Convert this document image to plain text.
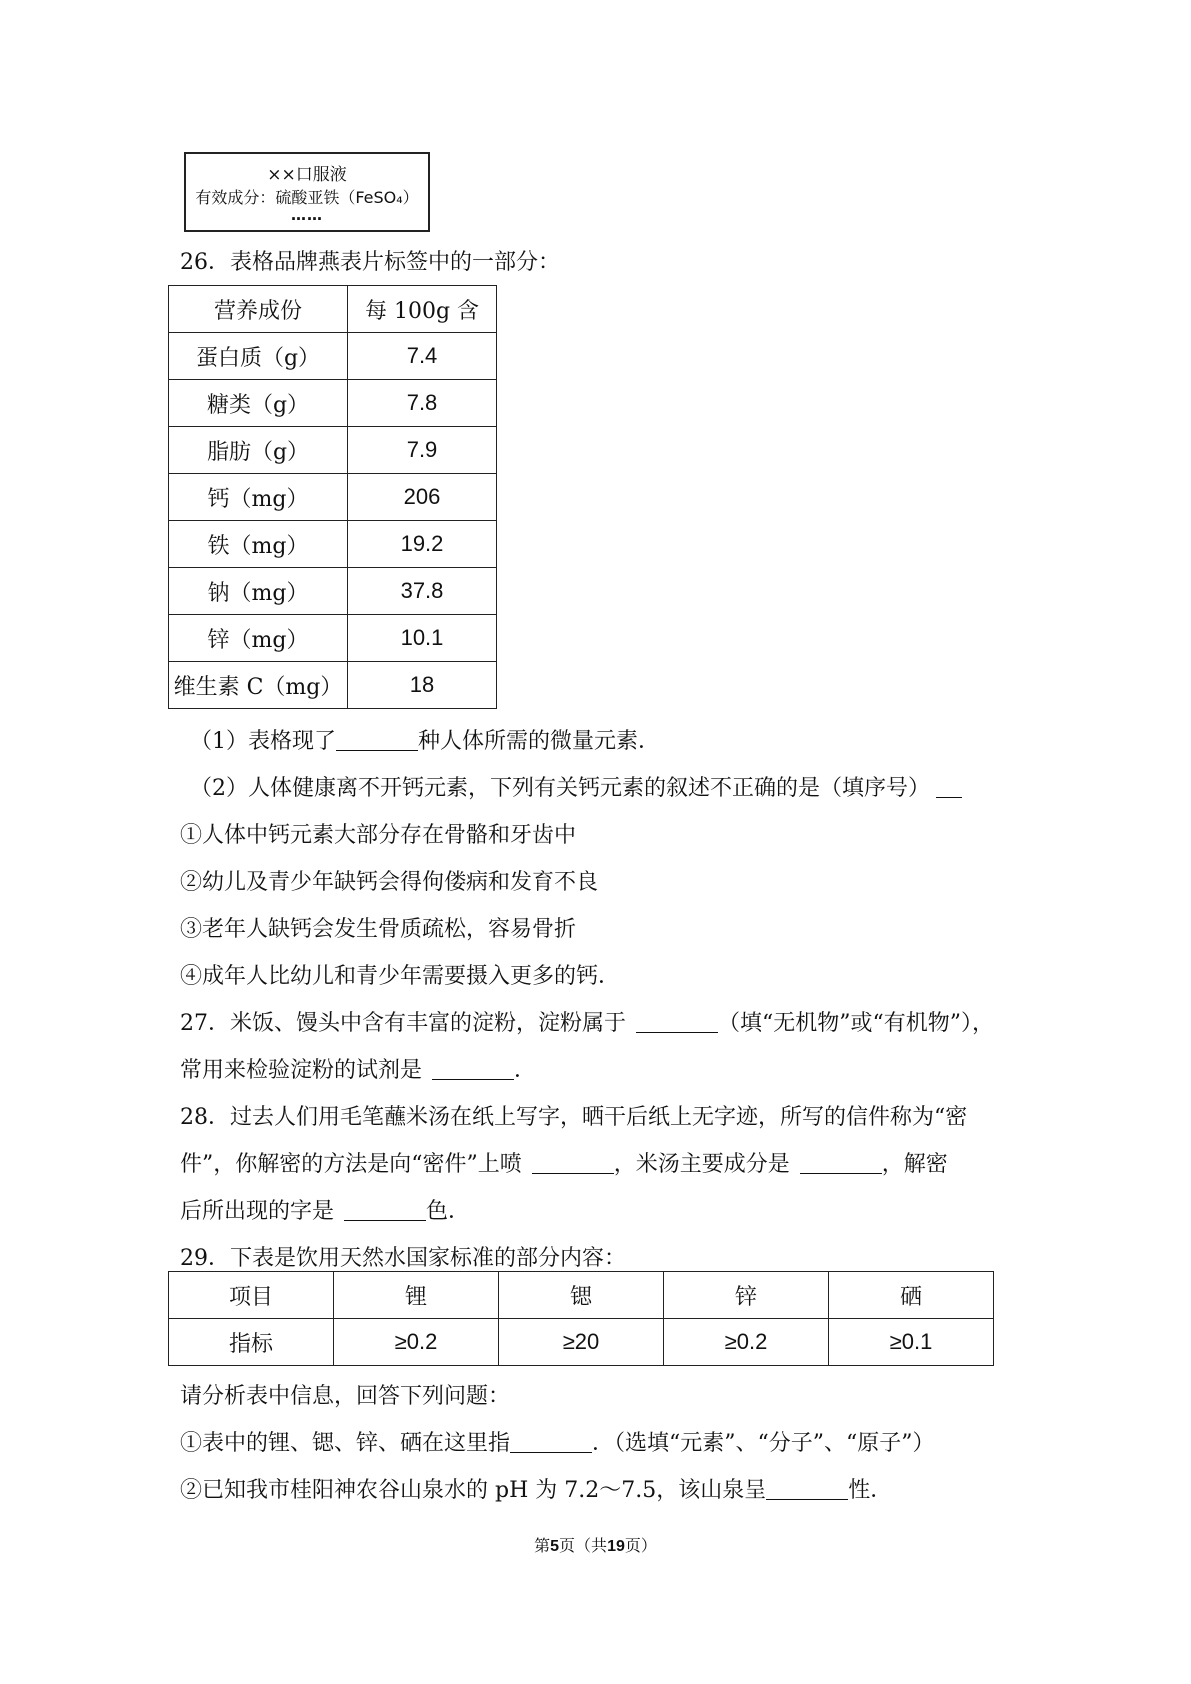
××口服液
有效成分：硫酸亚铁（FeSO₄）
……
26．表格品牌燕表片标签中的一部分：
营养成份	每 100g 含
蛋白质（g）	7.4
糖类（g）	7.8
脂肪（g）	7.9
钙（mg）	206
铁（mg）	19.2
钠（mg）	37.8
锌（mg）	10.1
维生素 C（mg）	18
（1）表格现了	种人体所需的微量元素．
（2）人体健康离不开钙元素，下列有关钙元素的叙述不正确的是（填序号）
①人体中钙元素大部分存在骨骼和牙齿中
②幼儿及青少年缺钙会得佝偻病和发育不良
③老年人缺钙会发生骨质疏松，容易骨折
④成年人比幼儿和青少年需要摄入更多的钙．
27．米饭、馒头中含有丰富的淀粉，淀粉属于	（填“无机物”或“有机物”），
常用来检验淀粉的试剂是	．
28．过去人们用毛笔蘸米汤在纸上写字，晒干后纸上无字迹，所写的信件称为“密
件”，你解密的方法是向“密件”上喷	，米汤主要成分是	，解密
后所出现的字是	色．
29．下表是饮用天然水国家标准的部分内容：
项目	锂	锶	锌	硒
指标	≥0.2	≥20	≥0.2	≥0.1
请分析表中信息，回答下列问题：
①表中的锂、锶、锌、硒在这里指	．（选填“元素”、“分子”、“原子”）
②已知我市桂阳神农谷山泉水的 pH 为 7.2～7.5，该山泉呈	性．
第5页（共19页）
